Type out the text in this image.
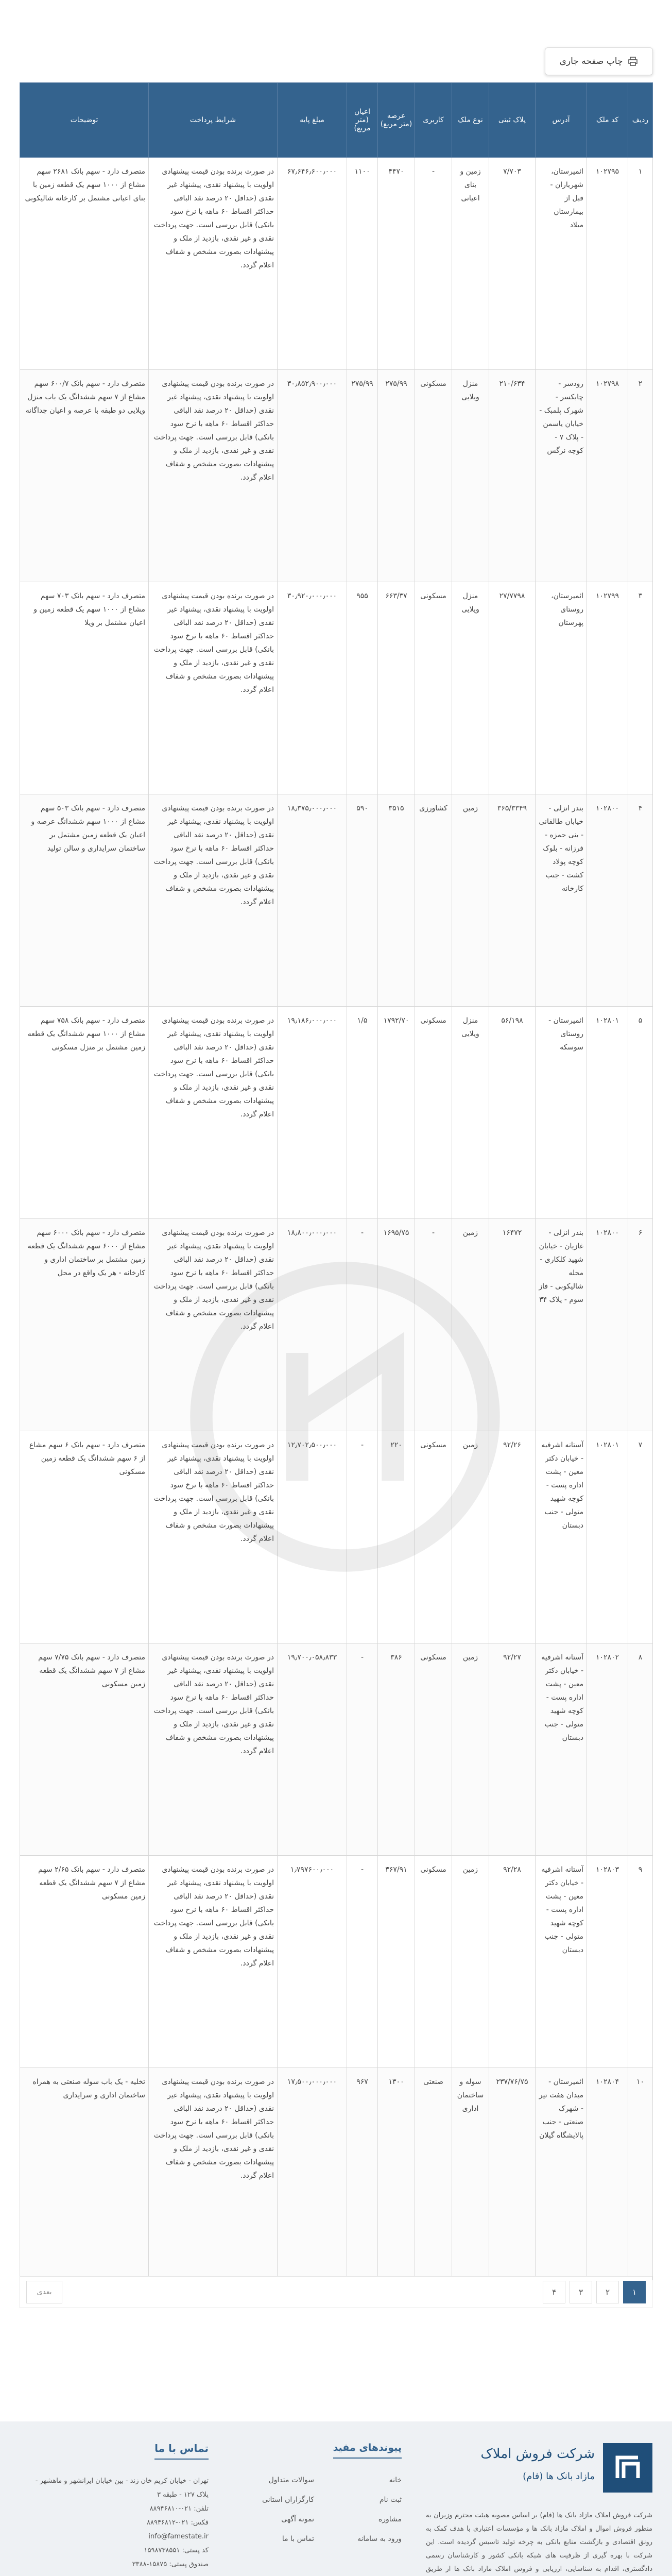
چاپ صفحه جاری
ردیف	کد ملک	آدرس	پلاک ثبتی	نوع ملک	کاربری	عرصه (متر مربع)	اعیان (متر مربع)	مبلغ پایه	شرایط پرداخت	توضیحات
۱	۱۰۲۷۹۵	ائمیرستان، شهریاران - قبل از بیمارستان میلاد	۷/۷۰۳	زمین و بنای اعیانی	-	۴۴۷۰	۱۱۰۰	۶۷٫۶۴۶٫۶۰۰٫۰۰۰	در صورت برنده بودن قیمت پیشنهادی اولویت با پیشنهاد نقدی، پیشنهاد غیر نقدی (حداقل ۲۰ درصد نقد الباقی حداکثر اقساط ۶۰ ماهه با نرخ سود بانکی) قابل بررسی است. جهت پرداخت نقدی و غیر نقدی، بازدید از ملک و پیشنهادات بصورت مشخص و شفاف اعلام گردد.	متصرف دارد - سهم بانک ۲۶۸۱ سهم مشاع از ۱۰۰۰ سهم یک قطعه زمین با بنای اعیانی مشتمل بر کارخانه شالیکوبی
۲	۱۰۲۷۹۸	رودسر - چابکسر - شهرک پلمبک - خیابان یاسمن - پلاک ۷ - کوچه نرگس	۲۱۰/۶۳۴	منزل ویلایی	مسکونی	۲۷۵/۹۹	۲۷۵/۹۹	۳۰٫۸۵۲٫۹۰۰٫۰۰۰	در صورت برنده بودن قیمت پیشنهادی اولویت با پیشنهاد نقدی، پیشنهاد غیر نقدی (حداقل ۲۰ درصد نقد الباقی حداکثر اقساط ۶۰ ماهه با نرخ سود بانکی) قابل بررسی است. جهت پرداخت نقدی و غیر نقدی، بازدید از ملک و پیشنهادات بصورت مشخص و شفاف اعلام گردد.	متصرف دارد - سهم بانک ۶۰۰/۷ سهم مشاع از ۷ سهم ششدانگ یک باب منزل ویلایی دو طبقه با عرصه و اعیان جداگانه
۳	۱۰۲۷۹۹	ائمیرستان، روستای پهرستان	۲۷/۷۷۹۸	منزل ویلایی	مسکونی	۶۶۳/۳۷	۹۵۵	۳۰٫۹۲۰٫۰۰۰٫۰۰۰	در صورت برنده بودن قیمت پیشنهادی اولویت با پیشنهاد نقدی، پیشنهاد غیر نقدی (حداقل ۲۰ درصد نقد الباقی حداکثر اقساط ۶۰ ماهه با نرخ سود بانکی) قابل بررسی است. جهت پرداخت نقدی و غیر نقدی، بازدید از ملک و پیشنهادات بصورت مشخص و شفاف اعلام گردد.	متصرف دارد - سهم بانک ۷۰۳ سهم مشاع از ۱۰۰۰ سهم یک قطعه زمین و اعیان مشتمل بر ویلا
۴	۱۰۲۸۰۰	بندر انزلی - خیابان طالقانی - بنی حمزه - فرزانه - بلوک کوچه پولاد کشت - جنب کارخانه	۳۶۵/۳۳۴۹	زمین	کشاورزی	۳۵۱۵	۵۹۰	۱۸٫۳۷۵٫۰۰۰٫۰۰۰	در صورت برنده بودن قیمت پیشنهادی اولویت با پیشنهاد نقدی، پیشنهاد غیر نقدی (حداقل ۲۰ درصد نقد الباقی حداکثر اقساط ۶۰ ماهه با نرخ سود بانکی) قابل بررسی است. جهت پرداخت نقدی و غیر نقدی، بازدید از ملک و پیشنهادات بصورت مشخص و شفاف اعلام گردد.	متصرف دارد - سهم بانک ۵۰۳ سهم مشاع از ۱۰۰۰ سهم ششدانگ عرصه و اعیان یک قطعه زمین مشتمل بر ساختمان سرایداری و سالن تولید
۵	۱۰۲۸۰۱	ائمیرستان - روستای سوسکه	۵۶/۱۹۸	منزل ویلایی	مسکونی	۱۷۹۲/۷۰	۱/۵	۱۹٫۱۸۶٫۰۰۰٫۰۰۰	در صورت برنده بودن قیمت پیشنهادی اولویت با پیشنهاد نقدی، پیشنهاد غیر نقدی (حداقل ۲۰ درصد نقد الباقی حداکثر اقساط ۶۰ ماهه با نرخ سود بانکی) قابل بررسی است. جهت پرداخت نقدی و غیر نقدی، بازدید از ملک و پیشنهادات بصورت مشخص و شفاف اعلام گردد.	متصرف دارد - سهم بانک ۷۵۸ سهم مشاع از ۱۰۰۰ سهم ششدانگ یک قطعه زمین مشتمل بر منزل مسکونی
۶	۱۰۲۸۰۰	بندر انزلی - غازیان - خیابان شهید کلکاری - محله شالیکوبی - فاز سوم - پلاک ۳۴	۱۶۴۷۲	زمین	-	۱۶۹۵/۷۵	-	۱۸٫۸۰۰٫۰۰۰٫۰۰۰	در صورت برنده بودن قیمت پیشنهادی اولویت با پیشنهاد نقدی، پیشنهاد غیر نقدی (حداقل ۲۰ درصد نقد الباقی حداکثر اقساط ۶۰ ماهه با نرخ سود بانکی) قابل بررسی است. جهت پرداخت نقدی و غیر نقدی، بازدید از ملک و پیشنهادات بصورت مشخص و شفاف اعلام گردد.	متصرف دارد - سهم بانک ۶۰۰۰ سهم مشاع از ۶۰۰۰ سهم ششدانگ یک قطعه زمین مشتمل بر ساختمان اداری و کارخانه - هر یک واقع در محل
۷	۱۰۲۸۰۱	آستانه اشرفیه - خیابان دکتر معین - پشت اداره پست - کوچه شهید متولی - جنب دبستان	۹۲/۲۶	زمین	مسکونی	۲۲۰	-	۱۲٫۷۰۲٫۵۰۰٫۰۰۰	در صورت برنده بودن قیمت پیشنهادی اولویت با پیشنهاد نقدی، پیشنهاد غیر نقدی (حداقل ۲۰ درصد نقد الباقی حداکثر اقساط ۶۰ ماهه با نرخ سود بانکی) قابل بررسی است. جهت پرداخت نقدی و غیر نقدی، بازدید از ملک و پیشنهادات بصورت مشخص و شفاف اعلام گردد.	متصرف دارد - سهم بانک ۶ سهم مشاع از ۶ سهم ششدانگ یک قطعه زمین مسکونی
۸	۱۰۲۸۰۲	آستانه اشرفیه - خیابان دکتر معین - پشت اداره پست - کوچه شهید متولی - جنب دبستان	۹۲/۲۷	زمین	مسکونی	۳۸۶	-	۱۹٫۷۰۰٫۰۵۸٫۸۳۳	در صورت برنده بودن قیمت پیشنهادی اولویت با پیشنهاد نقدی، پیشنهاد غیر نقدی (حداقل ۲۰ درصد نقد الباقی حداکثر اقساط ۶۰ ماهه با نرخ سود بانکی) قابل بررسی است. جهت پرداخت نقدی و غیر نقدی، بازدید از ملک و پیشنهادات بصورت مشخص و شفاف اعلام گردد.	متصرف دارد - سهم بانک ۷/۷۵ سهم مشاع از ۷ سهم ششدانگ یک قطعه زمین مسکونی
۹	۱۰۲۸۰۳	آستانه اشرفیه - خیابان دکتر معین - پشت اداره پست - کوچه شهید متولی - جنب دبستان	۹۲/۲۸	زمین	مسکونی	۳۶۷/۹۱	-	۱٫۷۹۷۶۰۰٫۰۰۰	در صورت برنده بودن قیمت پیشنهادی اولویت با پیشنهاد نقدی، پیشنهاد غیر نقدی (حداقل ۲۰ درصد نقد الباقی حداکثر اقساط ۶۰ ماهه با نرخ سود بانکی) قابل بررسی است. جهت پرداخت نقدی و غیر نقدی، بازدید از ملک و پیشنهادات بصورت مشخص و شفاف اعلام گردد.	متصرف دارد - سهم بانک ۲/۶۵ سهم مشاع از ۷ سهم ششدانگ یک قطعه زمین مسکونی
۱۰	۱۰۲۸۰۴	ائمیرستان - میدان هفت تیر - شهرک صنعتی - جنب پالایشگاه گیلان	۲۳۷/۷۶/۷۵	سوله و ساختمان اداری	صنعتی	۱۳۰۰	۹۶۷	۱۷٫۵۰۰٫۰۰۰٫۰۰۰	در صورت برنده بودن قیمت پیشنهادی اولویت با پیشنهاد نقدی، پیشنهاد غیر نقدی (حداقل ۲۰ درصد نقد الباقی حداکثر اقساط ۶۰ ماهه با نرخ سود بانکی) قابل بررسی است. جهت پرداخت نقدی و غیر نقدی، بازدید از ملک و پیشنهادات بصورت مشخص و شفاف اعلام گردد.	تخلیه - یک باب سوله صنعتی به همراه ساختمان اداری و سرایداری
۱
۲
۳
۴
بعدی
شرکت فروش املاک
مازاد بانک ها (فام)
شرکت فروش املاک مازاد بانک ها (فام) بر اساس مصوبه هیئت محترم وزیران به منظور فروش اموال و املاک مازاد بانک ها و مؤسسات اعتباری با هدف کمک به رونق اقتصادی و بازگشت منابع بانکی به چرخه تولید تاسیس گردیده است. این شرکت با بهره گیری از ظرفیت های شبکه بانکی کشور و کارشناسان رسمی دادگستری، اقدام به شناسایی، ارزیابی و فروش املاک مازاد بانک ها از طریق
پیوندهای مفید
خانه
سوالات متداول
ثبت نام
کارگزاران استانی
مشاوره
نمونه آگهی
ورود به سامانه
تماس با ما
تماس با ما
تهران - خیابان کریم خان زند - بین خیابان ایرانشهر و ماهشهر - پلاک ۱۲۷ - طبقه ۳
تلفن: ۰۲۱-۸۸۹۴۶۸۱۰
فکس: ۰۲۱-۸۸۹۴۶۸۱۲
info@famestate.ir
کد پستی: ۱۵۹۸۷۳۸۵۵۱
صندوق پستی: ۱۵۸۷۵-۳۳۸۸
